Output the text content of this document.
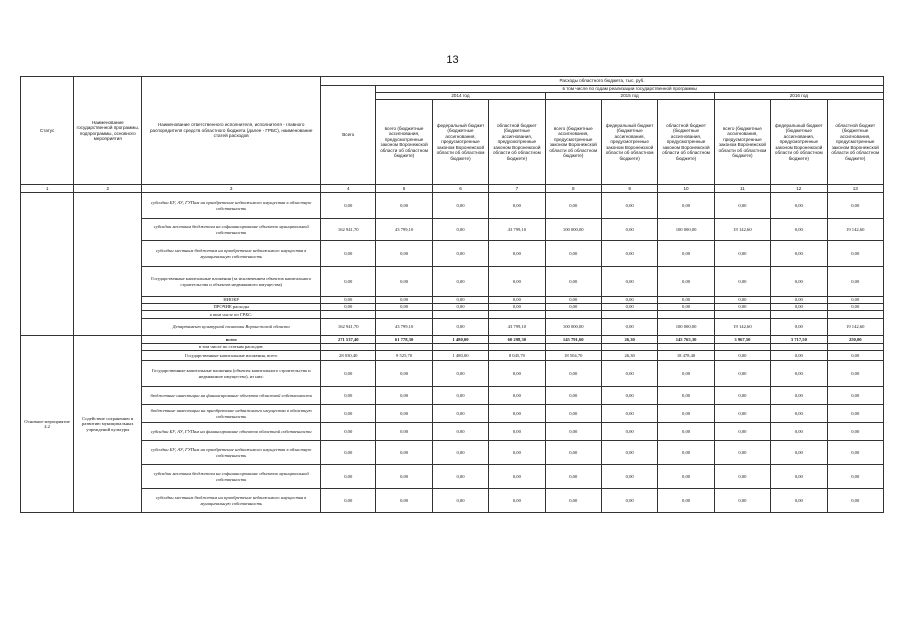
13
Статус	Наименование государственной программы, подпрограммы, основного мероприятия	Наименование ответственного исполнителя, исполнителя - главного распорядителя средств областного бюджета (далее - ГРБС), наименование статей расходов	Расходы областного бюджета, тыс. руб.									
			Всего	в том числе по годам реализации государственной программы								
				2014 год			2015 год			2016 год		
				всего (бюджетные ассигнования, предусмотренные законом Воронежской области об областном бюджете)	федеральный бюджет (бюджетные ассигнования, предусмотренные законом Воронежской области об областном бюджете)	областной бюджет (бюджетные ассигнования, предусмотренные законом Воронежской области об областном бюджете)	всего (бюджетные ассигнования, предусмотренные законом Воронежской области об областном бюджете)	федеральный бюджет (бюджетные ассигнования, предусмотренные законом Воронежской области об областном бюджете)	областной бюджет (бюджетные ассигнования, предусмотренные законом Воронежской области об областном бюджете)	всего (бюджетные ассигнования, предусмотренные законом Воронежской области об областном бюджете)	федеральный бюджет (бюджетные ассигнования, предусмотренные законом Воронежской области об областном бюджете)	областной бюджет (бюджетные ассигнования, предусмотренные законом Воронежской области об областном бюджете)
1	2	3	4	5	6	7	8	9	10	11	12	13
		субсидии БУ, АУ, ГУПам на приобретение недвижимого имущества в областную собственность	0,00	0,00	0,00	0,00	0,00	0,00	0,00	0,00	0,00	0,00
		субсидии местным бюджетам на софинансирование объектов муниципальной собственности	162 941,70	43 799,10	0,00	43 799,10	100 000,00	0,00	100 000,00	19 142,60	0,00	19 142,60
		субсидии местным бюджетам на приобретение недвижимого имущества в муниципальную собственность	0,00	0,00	0,00	0,00	0,00	0,00	0,00	0,00	0,00	0,00
		Государственные капитальные вложения (за исключением объектов капитального строительства и объектов недвижимого имущества)	0,00	0,00	0,00	0,00	0,00	0,00	0,00	0,00	0,00	0,00
		НИОКР	0,00	0,00	0,00	0,00	0,00	0,00	0,00	0,00	0,00	0,00
		ПРОЧИЕ расходы	0,00	0,00	0,00	0,00	0,00	0,00	0,00	0,00	0,00	0,00
		в том числе по ГРБС:										
		Департамент культурной политики Воронежской области	162 941,70	43 799,10	0,00	43 799,10	100 000,00	0,00	100 000,00	19 142,60	0,00	19 142,60
Основное мероприятие 4.2	Содействие сохранению и развитию муниципальных учреждений культуры	всего	271 537,40	61 778,30	1 480,00	60 298,30	145 791,60	26,30	145 765,30	3 967,50	3 717,50	250,00
		в том числе по статьям расходов:										
		Государственные капитальные вложения, всего	28 030,40	9 525,70	1 480,00	8 045,70	18 504,70	26,30	18 478,40	0,00	0,00	0,00
		Государственные капитальные вложения (объекты капитального строительства и недвижимое имущество), из них:	0,00	0,00	0,00	0,00	0,00	0,00	0,00	0,00	0,00	0,00
		бюджетные инвестиции на финансирование объектов областной собственности	0,00	0,00	0,00	0,00	0,00	0,00	0,00	0,00	0,00	0,00
		бюджетные инвестиции на приобретение недвижимого имущества в областную собственность	0,00	0,00	0,00	0,00	0,00	0,00	0,00	0,00	0,00	0,00
		субсидии БУ, АУ, ГУПам на финансирование объектов областной собственности	0,00	0,00	0,00	0,00	0,00	0,00	0,00	0,00	0,00	0,00
		субсидии БУ, АУ, ГУПам на приобретение недвижимого имущества в областную собственность	0,00	0,00	0,00	0,00	0,00	0,00	0,00	0,00	0,00	0,00
		субсидии местным бюджетам на софинансирование объектов муниципальной собственности	0,00	0,00	0,00	0,00	0,00	0,00	0,00	0,00	0,00	0,00
		субсидии местным бюджетам на приобретение недвижимого имущества в муниципальную собственность	0,00	0,00	0,00	0,00	0,00	0,00	0,00	0,00	0,00	0,00
